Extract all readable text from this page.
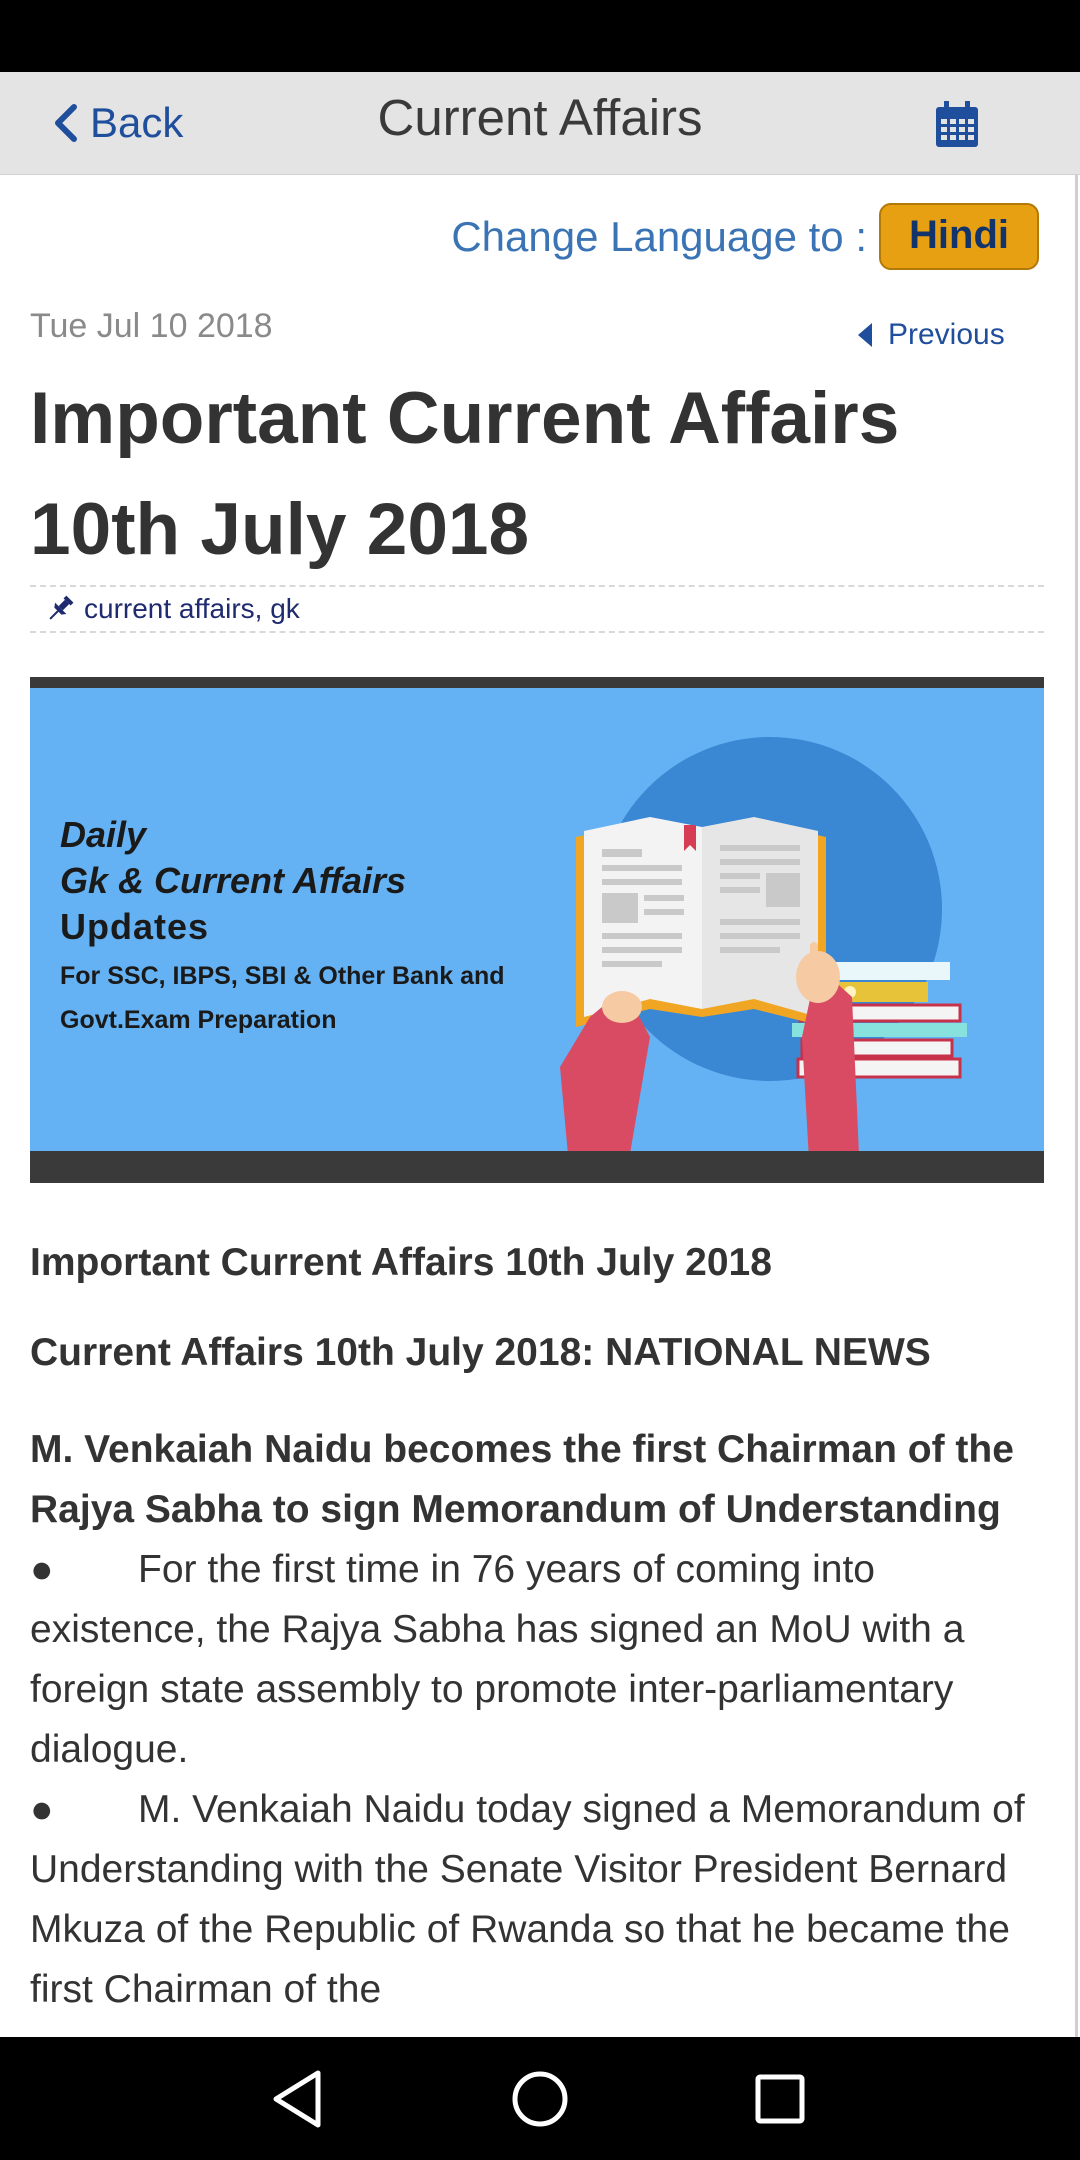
Back	Current Affairs
Change Language to :	Hindi
Tue Jul 10 2018	Previous
Important Current Affairs 10th July 2018
current affairs, gk
Daily
Gk & Current Affairs
Updates
For SSC, IBPS, SBI & Other Bank and
Govt.Exam Preparation
Important Current Affairs 10th July 2018
Current Affairs 10th July 2018: NATIONAL NEWS
M. Venkaiah Naidu becomes the first Chairman of the Rajya Sabha to sign Memorandum of Understanding

● For the first time in 76 years of coming into existence, the Rajya Sabha has signed an MoU with a foreign state assembly to promote inter-parliamentary dialogue.

● M. Venkaiah Naidu today signed a Memorandum of Understanding with the Senate Visitor President Bernard Mkuza of the Republic of Rwanda so that he became the first Chairman of the
